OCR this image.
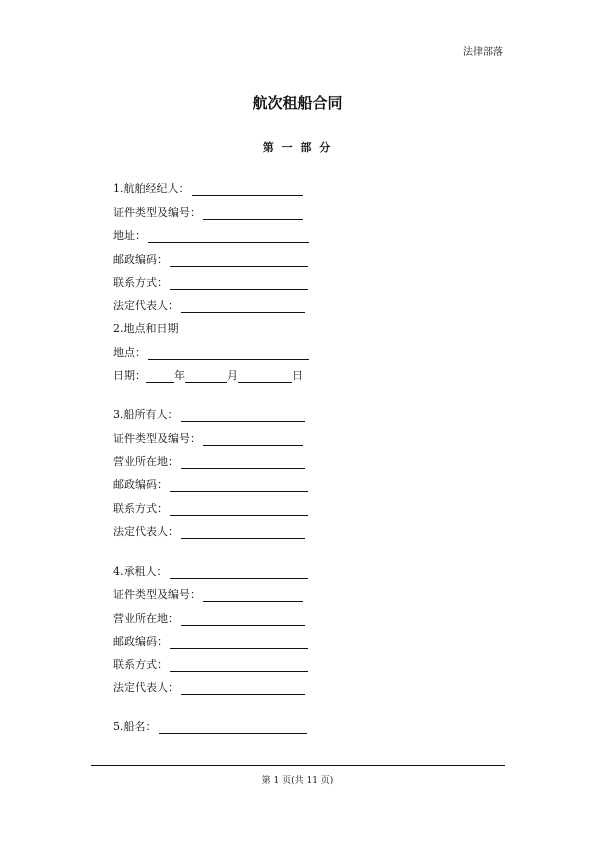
法律部落
航次租船合同
第 一 部 分
1.航舶经纪人：
证件类型及编号：
地址：
邮政编码：
联系方式：
法定代表人：
2.地点和日期
地点：
日期：	年	月	日
3.船所有人：
证件类型及编号：
营业所在地：
邮政编码：
联系方式：
法定代表人：
4.承租人：
证件类型及编号：
营业所在地：
邮政编码：
联系方式：
法定代表人：
5.船名：
第 1 页(共 11 页)
